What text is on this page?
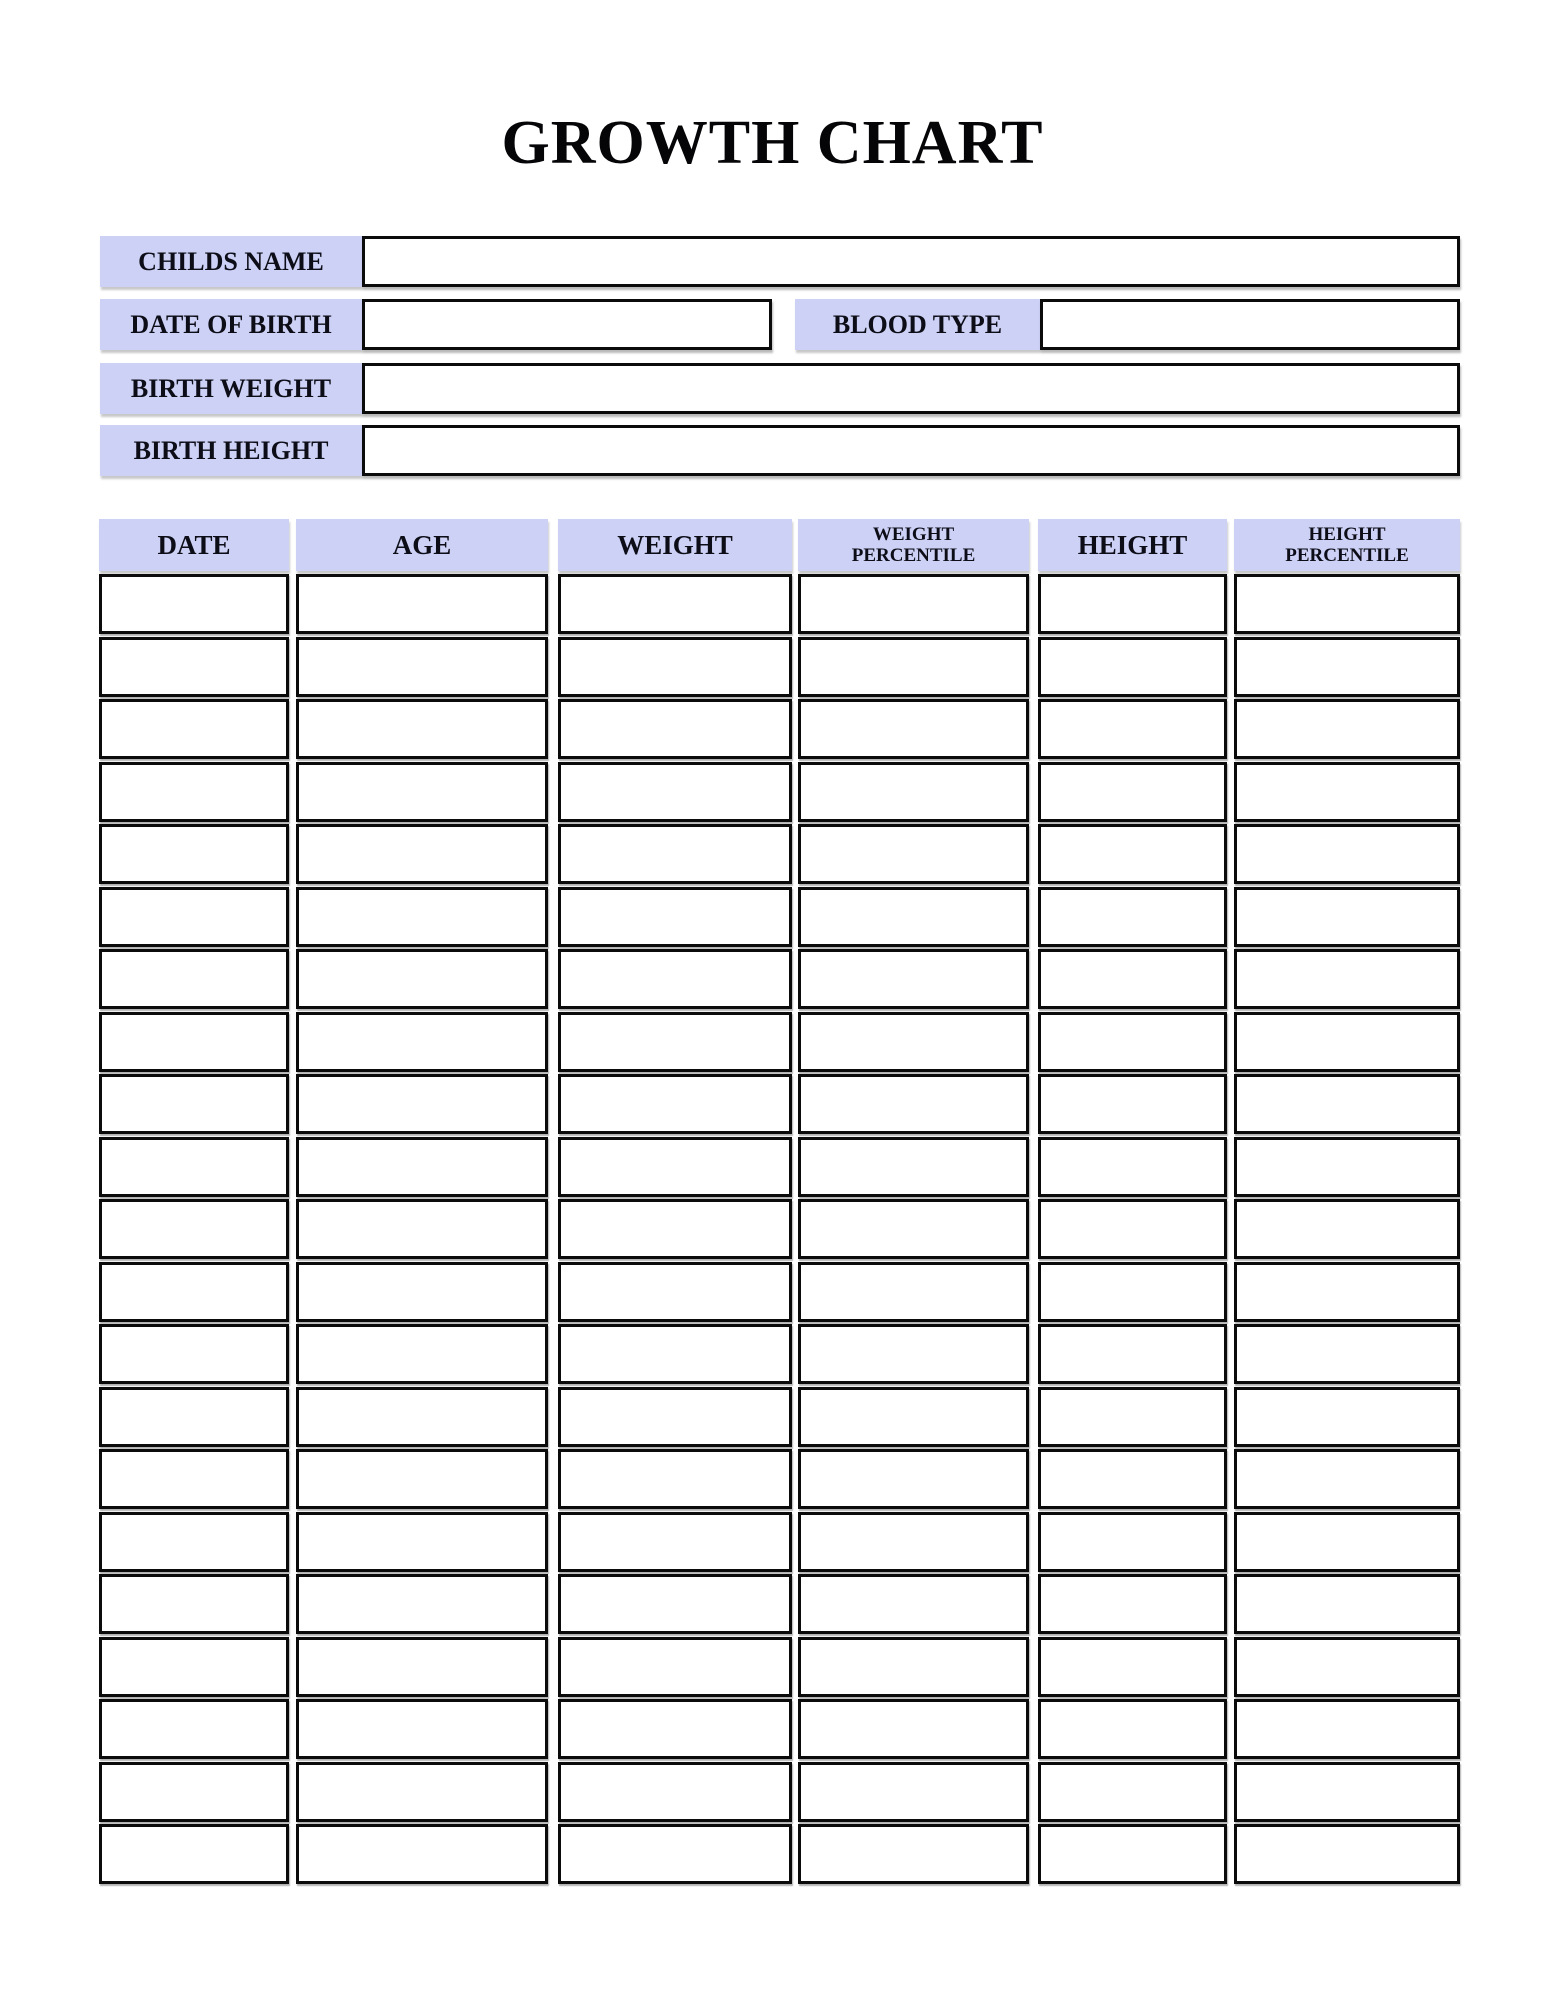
GROWTH CHART
CHILDS NAME
DATE OF BIRTH	BLOOD TYPE
BIRTH WEIGHT
BIRTH HEIGHT
DATE	AGE	WEIGHT	WEIGHT PERCENTILE	HEIGHT	HEIGHT PERCENTILE
